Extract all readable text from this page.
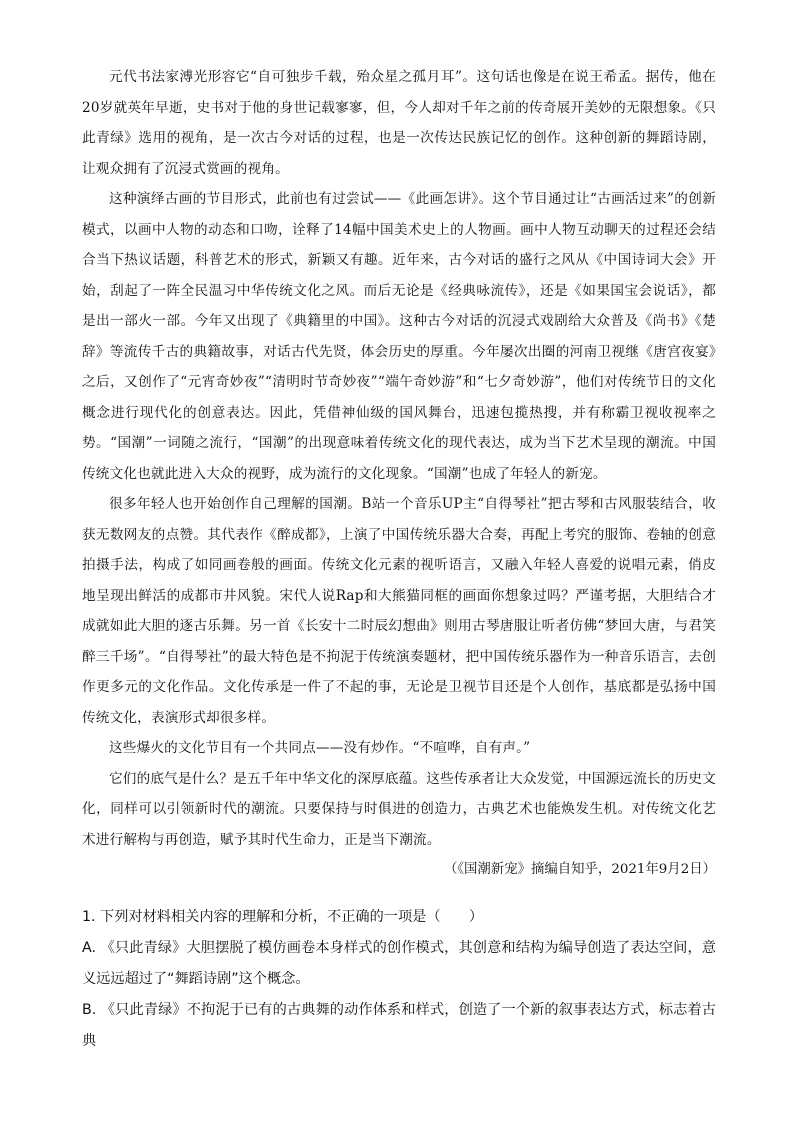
元代书法家溥光形容它“自可独步千载，殆众星之孤月耳”。这句话也像是在说王希孟。据传，他在20岁就英年早逝，史书对于他的身世记载寥寥，但，今人却对千年之前的传奇展开美妙的无限想象。《只此青绿》选用的视角，是一次古今对话的过程，也是一次传达民族记忆的创作。这种创新的舞蹈诗剧，让观众拥有了沉浸式赏画的视角。

这种演绎古画的节目形式，此前也有过尝试——《此画怎讲》。这个节目通过让“古画活过来”的创新模式，以画中人物的动态和口吻，诠释了14幅中国美术史上的人物画。画中人物互动聊天的过程还会结合当下热议话题，科普艺术的形式，新颖又有趣。近年来，古今对话的盛行之风从《中国诗词大会》开始，刮起了一阵全民温习中华传统文化之风。而后无论是《经典咏流传》，还是《如果国宝会说话》，都是出一部火一部。今年又出现了《典籍里的中国》。这种古今对话的沉浸式戏剧给大众普及《尚书》《楚辞》等流传千古的典籍故事，对话古代先贤，体会历史的厚重。今年屡次出圈的河南卫视继《唐宫夜宴》之后，又创作了“元宵奇妙夜”“清明时节奇妙夜”“端午奇妙游”和“七夕奇妙游”，他们对传统节日的文化概念进行现代化的创意表达。因此，凭借神仙级的国风舞台，迅速包揽热搜，并有称霸卫视收视率之势。“国潮”一词随之流行，“国潮”的出现意味着传统文化的现代表达，成为当下艺术呈现的潮流。中国传统文化也就此进入大众的视野，成为流行的文化现象。“国潮”也成了年轻人的新宠。

很多年轻人也开始创作自己理解的国潮。B站一个音乐UP主“自得琴社”把古琴和古风服装结合，收获无数网友的点赞。其代表作《醉成都》，上演了中国传统乐器大合奏，再配上考究的服饰、卷轴的创意拍摄手法，构成了如同画卷般的画面。传统文化元素的视听语言，又融入年轻人喜爱的说唱元素，俏皮地呈现出鲜活的成都市井风貌。宋代人说Rap和大熊猫同框的画面你想象过吗？严谨考据，大胆结合才成就如此大胆的逐古乐舞。另一首《长安十二时辰幻想曲》则用古琴唐服让听者仿佛“梦回大唐，与君笑醉三千场”。“自得琴社”的最大特色是不拘泥于传统演奏题材，把中国传统乐器作为一种音乐语言，去创作更多元的文化作品。文化传承是一件了不起的事，无论是卫视节目还是个人创作，基底都是弘扬中国传统文化，表演形式却很多样。

这些爆火的文化节目有一个共同点——没有炒作。“不喧哗，自有声。”

它们的底气是什么？是五千年中华文化的深厚底蕴。这些传承者让大众发觉，中国源远流长的历史文化，同样可以引领新时代的潮流。只要保持与时俱进的创造力，古典艺术也能焕发生机。对传统文化艺术进行解构与再创造，赋予其时代生命力，正是当下潮流。

（《国潮新宠》摘编自知乎，2021年9月2日）

1. 下列对材料相关内容的理解和分析，不正确的一项是（　　）

A. 《只此青绿》大胆摆脱了模仿画卷本身样式的创作模式，其创意和结构为编导创造了表达空间，意义远远超过了“舞蹈诗剧”这个概念。

B. 《只此青绿》不拘泥于已有的古典舞的动作体系和样式，创造了一个新的叙事表达方式，标志着古典
